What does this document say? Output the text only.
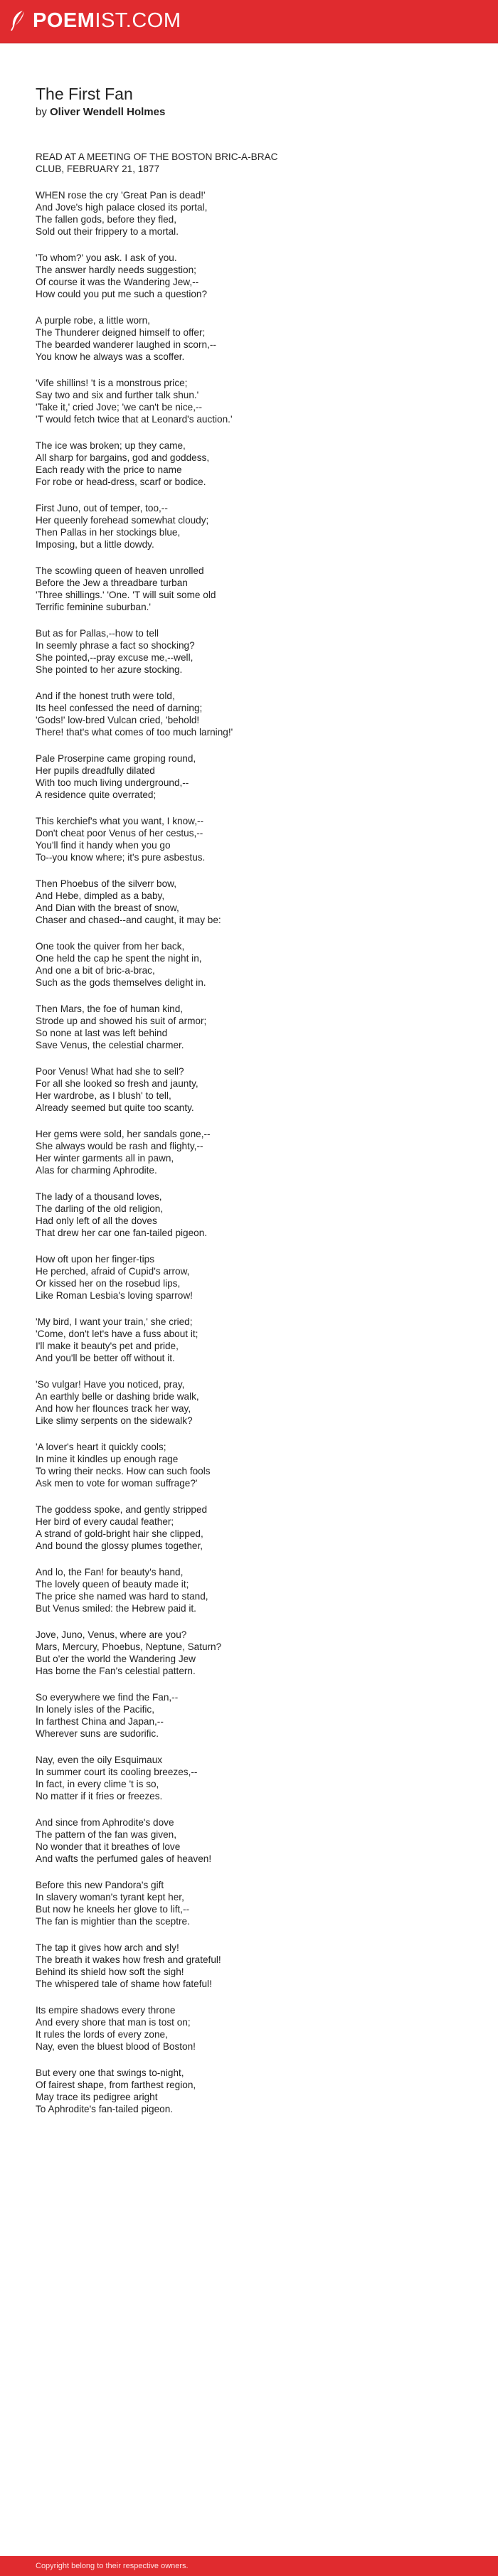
POEMIST.COM
The First Fan
by Oliver Wendell Holmes

READ AT A MEETING OF THE BOSTON BRIC-A-BRAC
CLUB, FEBRUARY 21, 1877

WHEN rose the cry 'Great Pan is dead!'
And Jove's high palace closed its portal,
The fallen gods, before they fled,
Sold out their frippery to a mortal.

'To whom?' you ask. I ask of you.
The answer hardly needs suggestion;
Of course it was the Wandering Jew,--
How could you put me such a question?

A purple robe, a little worn,
The Thunderer deigned himself to offer;
The bearded wanderer laughed in scorn,--
You know he always was a scoffer.

'Vife shillins! 't is a monstrous price;
Say two and six and further talk shun.'
'Take it,' cried Jove; 'we can't be nice,--
'T would fetch twice that at Leonard's auction.'

The ice was broken; up they came,
All sharp for bargains, god and goddess,
Each ready with the price to name
For robe or head-dress, scarf or bodice.

First Juno, out of temper, too,--
Her queenly forehead somewhat cloudy;
Then Pallas in her stockings blue,
Imposing, but a little dowdy.

The scowling queen of heaven unrolled
Before the Jew a threadbare turban
'Three shillings.' 'One. 'T will suit some old
Terrific feminine suburban.'

But as for Pallas,--how to tell
In seemly phrase a fact so shocking?
She pointed,--pray excuse me,--well,
She pointed to her azure stocking.

And if the honest truth were told,
Its heel confessed the need of darning;
'Gods!' low-bred Vulcan cried, 'behold!
There! that's what comes of too much larning!'

Pale Proserpine came groping round,
Her pupils dreadfully dilated
With too much living underground,--
A residence quite overrated;

This kerchief's what you want, I know,--
Don't cheat poor Venus of her cestus,--
You'll find it handy when you go
To--you know where; it's pure asbestus.

Then Phoebus of the silverr bow,
And Hebe, dimpled as a baby,
And Dian with the breast of snow,
Chaser and chased--and caught, it may be:

One took the quiver from her back,
One held the cap he spent the night in,
And one a bit of bric-a-brac,
Such as the gods themselves delight in.

Then Mars, the foe of human kind,
Strode up and showed his suit of armor;
So none at last was left behind
Save Venus, the celestial charmer.

Poor Venus! What had she to sell?
For all she looked so fresh and jaunty,
Her wardrobe, as I blush' to tell,
Already seemed but quite too scanty.

Her gems were sold, her sandals gone,--
She always would be rash and flighty,--
Her winter garments all in pawn,
Alas for charming Aphrodite.

The lady of a thousand loves,
The darling of the old religion,
Had only left of all the doves
That drew her car one fan-tailed pigeon.

How oft upon her finger-tips
He perched, afraid of Cupid's arrow,
Or kissed her on the rosebud lips,
Like Roman Lesbia's loving sparrow!

'My bird, I want your train,' she cried;
'Come, don't let's have a fuss about it;
I'll make it beauty's pet and pride,
And you'll be better off without it.

'So vulgar! Have you noticed, pray,
An earthly belle or dashing bride walk,
And how her flounces track her way,
Like slimy serpents on the sidewalk?

'A lover's heart it quickly cools;
In mine it kindles up enough rage
To wring their necks. How can such fools
Ask men to vote for woman suffrage?'

The goddess spoke, and gently stripped
Her bird of every caudal feather;
A strand of gold-bright hair she clipped,
And bound the glossy plumes together,

And lo, the Fan! for beauty's hand,
The lovely queen of beauty made it;
The price she named was hard to stand,
But Venus smiled: the Hebrew paid it.

Jove, Juno, Venus, where are you?
Mars, Mercury, Phoebus, Neptune, Saturn?
But o'er the world the Wandering Jew
Has borne the Fan's celestial pattern.

So everywhere we find the Fan,--
In lonely isles of the Pacific,
In farthest China and Japan,--
Wherever suns are sudorific.

Nay, even the oily Esquimaux
In summer court its cooling breezes,--
In fact, in every clime 't is so,
No matter if it fries or freezes.

And since from Aphrodite's dove
The pattern of the fan was given,
No wonder that it breathes of love
And wafts the perfumed gales of heaven!

Before this new Pandora's gift
In slavery woman's tyrant kept her,
But now he kneels her glove to lift,--
The fan is mightier than the sceptre.

The tap it gives how arch and sly!
The breath it wakes how fresh and grateful!
Behind its shield how soft the sigh!
The whispered tale of shame how fateful!

Its empire shadows every throne
And every shore that man is tost on;
It rules the lords of every zone,
Nay, even the bluest blood of Boston!

But every one that swings to-night,
Of fairest shape, from farthest region,
May trace its pedigree aright
To Aphrodite's fan-tailed pigeon.

Copyright belong to their respective owners.
